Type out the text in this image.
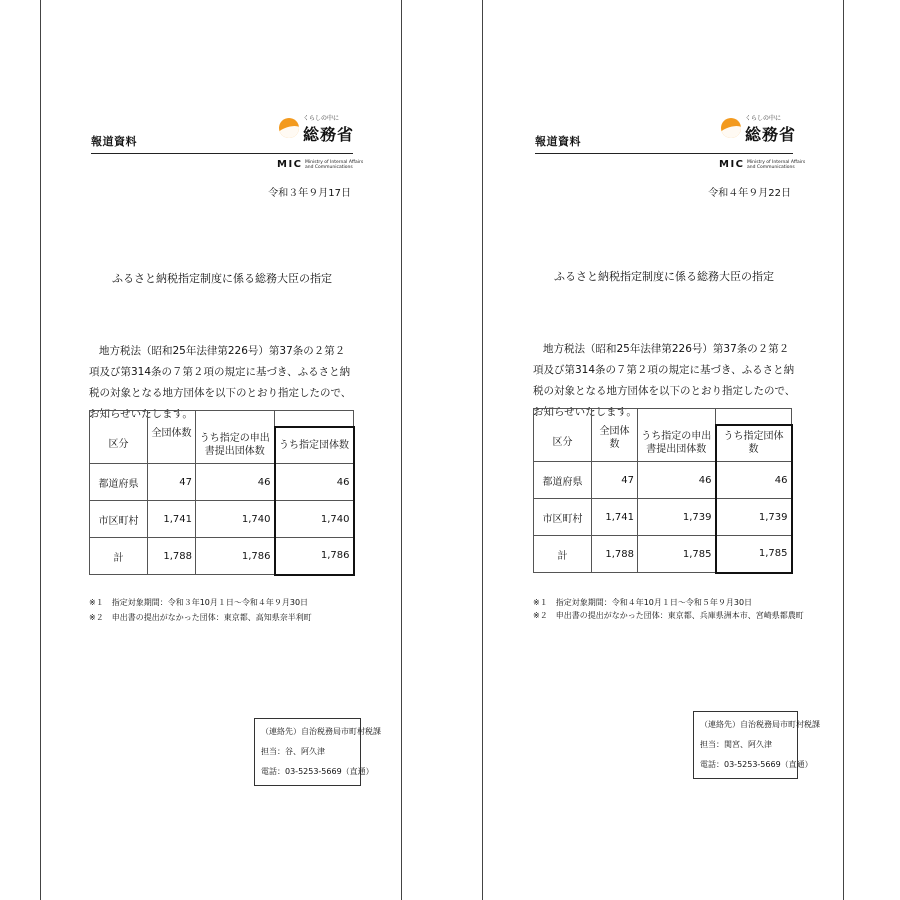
報道資料
くらしの中に
総務省
MIC Ministry of Internal Affairs
and Communications
令和３年９月17日
ふるさと納税指定制度に係る総務大臣の指定
地方税法（昭和25年法律第226号）第37条の２第２項及び第314条の７第２項の規定に基づき、ふるさと納税の対象となる地方団体を以下のとおり指定したので、お知らせいたします。

区分	全団体数	うち指定の申出書提出団体数	うち指定団体数
都道府県	47	46	46
市区町村	1,741	1,740	1,740
計	1,788	1,786	1,786
※１　指定対象期間：令和３年10月１日～令和４年９月30日
※２　申出書の提出がなかった団体：東京都、高知県奈半利町
（連絡先）自治税務局市町村税課
担当：谷、阿久津
電話：03-5253-5669（直通）
報道資料
くらしの中に
総務省
MIC Ministry of Internal Affairs
and Communications
令和４年９月22日
ふるさと納税指定制度に係る総務大臣の指定
地方税法（昭和25年法律第226号）第37条の２第２項及び第314条の７第２項の規定に基づき、ふるさと納税の対象となる地方団体を以下のとおり指定したので、お知らせいたします。

区分	全団体数	うち指定の申出書提出団体数	うち指定団体数
都道府県	47	46	46
市区町村	1,741	1,739	1,739
計	1,788	1,785	1,785
※１　指定対象期間：令和４年10月１日～令和５年９月30日
※２　申出書の提出がなかった団体：東京都、兵庫県洲本市、宮崎県都農町
（連絡先）自治税務局市町村税課
担当：関宮、阿久津
電話：03-5253-5669（直通）
